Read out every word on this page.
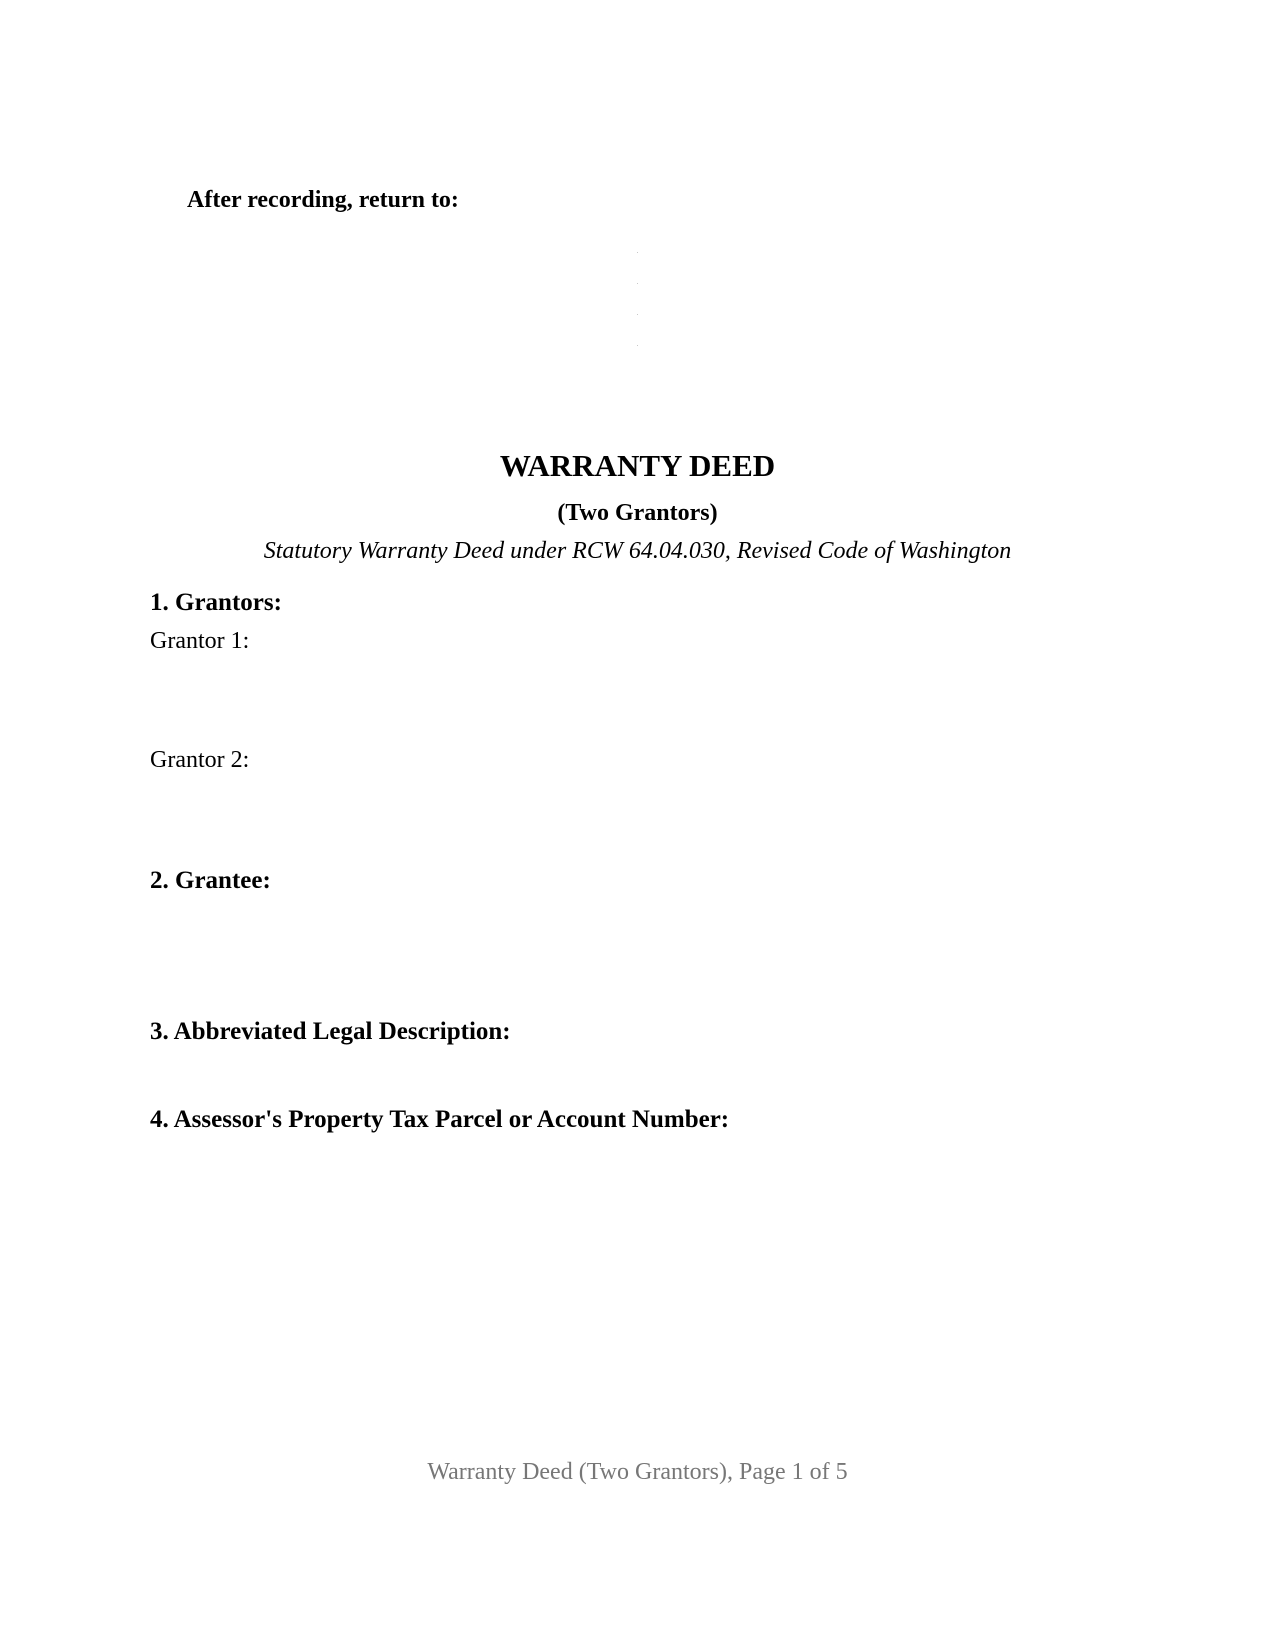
After recording, return to:
WARRANTY DEED
(Two Grantors)
Statutory Warranty Deed under RCW 64.04.030, Revised Code of Washington
1. Grantors:
Grantor 1:
Grantor 2:
2. Grantee:
3. Abbreviated Legal Description:
4. Assessor's Property Tax Parcel or Account Number:
Warranty Deed (Two Grantors), Page 1 of 5
